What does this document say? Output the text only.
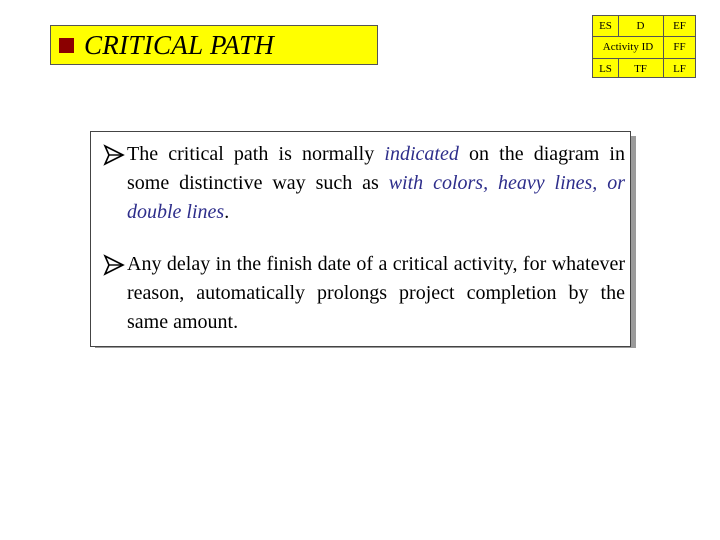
CRITICAL PATH
ES	D	EF
Activity ID	FF
LS	TF	LF
The critical path is normally indicated on the diagram in some distinctive way such as with colors, heavy lines, or double lines.
Any delay in the finish date of a critical activity, for whatever reason, automatically prolongs project completion by the same amount.
